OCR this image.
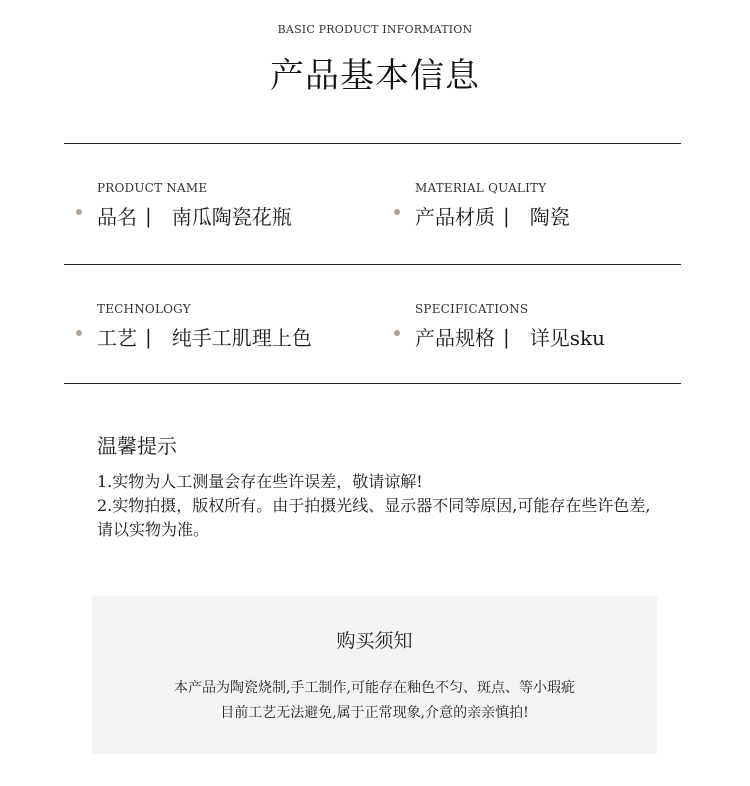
BASIC PRODUCT INFORMATION
产品基本信息
PRODUCT NAME
品名 | 南瓜陶瓷花瓶
MATERIAL QUALITY
产品材质 | 陶瓷
TECHNOLOGY
工艺 | 纯手工肌理上色
SPECIFICATIONS
产品规格 | 详见sku
温馨提示
1.实物为人工测量会存在些许误差，敬请谅解!
2.实物拍摄，版权所有。由于拍摄光线、显示器不同等原因,可能存在些许色差,
请以实物为准。
购买须知
本产品为陶瓷烧制,手工制作,可能存在釉色不匀、斑点、等小瑕疵
目前工艺无法避免,属于正常现象,介意的亲亲慎拍!
